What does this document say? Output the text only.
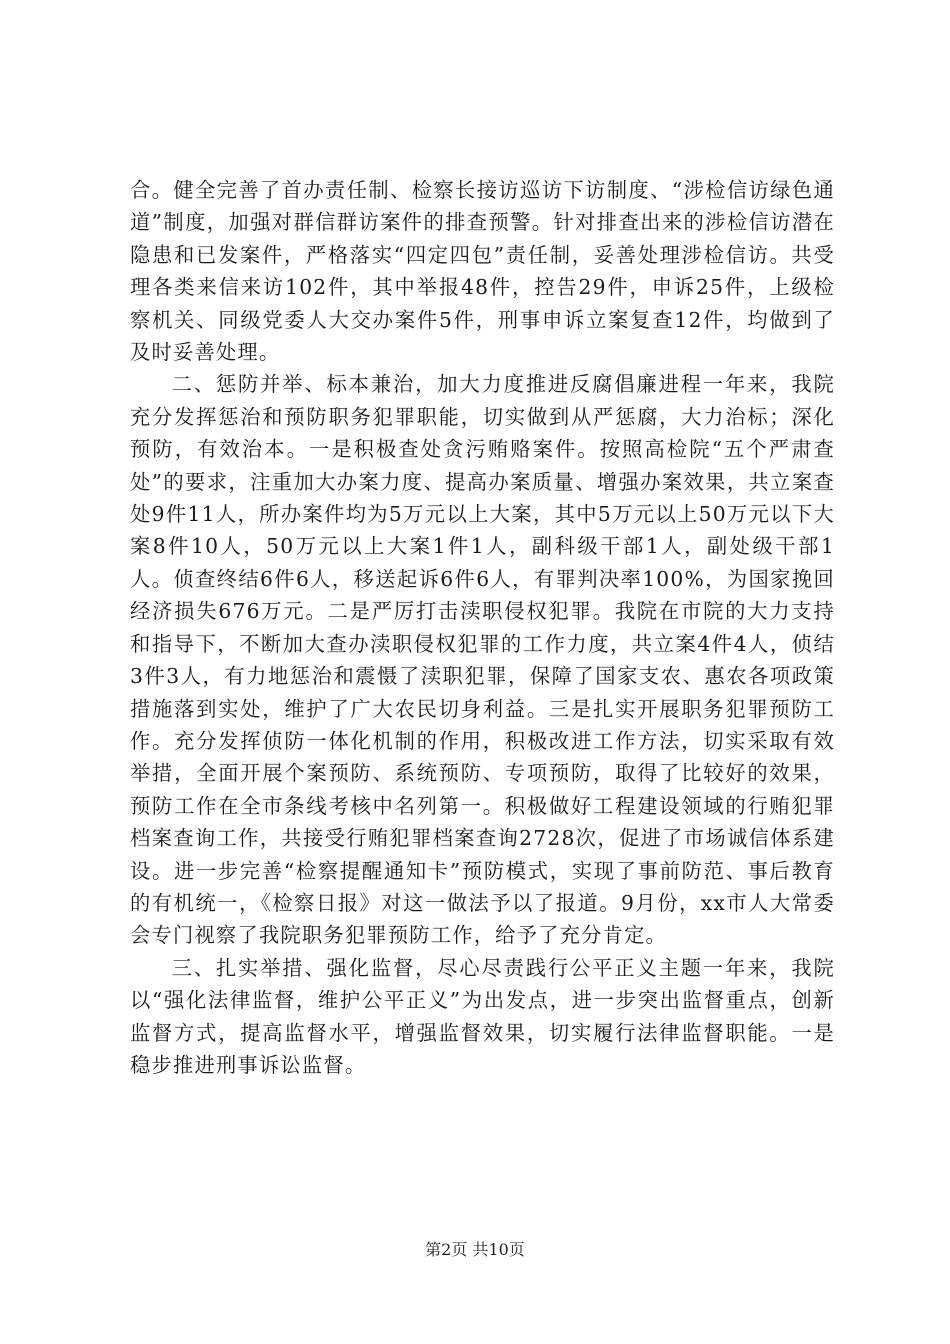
合。健全完善了首办责任制、检察长接访巡访下访制度、“涉检信访绿色通道”制度，加强对群信群访案件的排查预警。针对排查出来的涉检信访潜在隐患和已发案件，严格落实“四定四包”责任制，妥善处理涉检信访。共受理各类来信来访102件，其中举报48件，控告29件，申诉25件，上级检察机关、同级党委人大交办案件5件，刑事申诉立案复查12件，均做到了及时妥善处理。

二、惩防并举、标本兼治，加大力度推进反腐倡廉进程一年来，我院充分发挥惩治和预防职务犯罪职能，切实做到从严惩腐，大力治标；深化预防，有效治本。一是积极查处贪污贿赂案件。按照高检院“五个严肃查处”的要求，注重加大办案力度、提高办案质量、增强办案效果，共立案查处9件11人，所办案件均为5万元以上大案，其中5万元以上50万元以下大案8件10人，50万元以上大案1件1人，副科级干部1人，副处级干部1人。侦查终结6件6人，移送起诉6件6人，有罪判决率100%，为国家挽回经济损失676万元。二是严厉打击渎职侵权犯罪。我院在市院的大力支持和指导下，不断加大查办渎职侵权犯罪的工作力度，共立案4件4人，侦结3件3人，有力地惩治和震慑了渎职犯罪，保障了国家支农、惠农各项政策措施落到实处，维护了广大农民切身利益。三是扎实开展职务犯罪预防工作。充分发挥侦防一体化机制的作用，积极改进工作方法，切实采取有效举措，全面开展个案预防、系统预防、专项预防，取得了比较好的效果，预防工作在全市条线考核中名列第一。积极做好工程建设领域的行贿犯罪档案查询工作，共接受行贿犯罪档案查询2728次，促进了市场诚信体系建设。进一步完善“检察提醒通知卡”预防模式，实现了事前防范、事后教育的有机统一，《检察日报》对这一做法予以了报道。9月份，xx市人大常委会专门视察了我院职务犯罪预防工作，给予了充分肯定。

三、扎实举措、强化监督，尽心尽责践行公平正义主题一年来，我院以“强化法律监督，维护公平正义”为出发点，进一步突出监督重点，创新监督方式，提高监督水平，增强监督效果，切实履行法律监督职能。一是稳步推进刑事诉讼监督。

第2页 共10页
